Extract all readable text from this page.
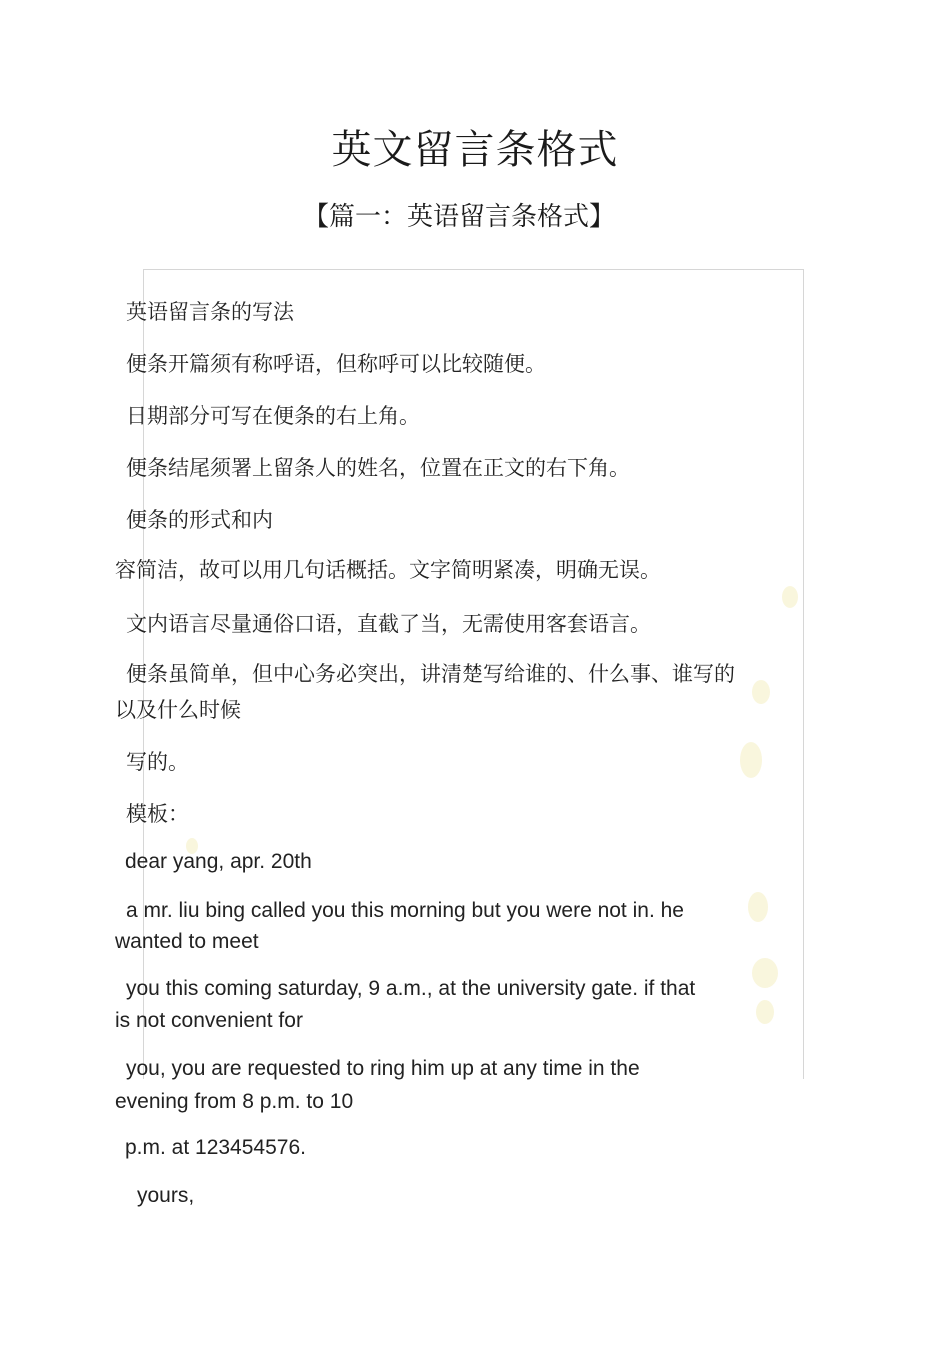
英文留言条格式
【篇一：英语留言条格式】
英语留言条的写法
便条开篇须有称呼语，但称呼可以比较随便。
日期部分可写在便条的右上角。
便条结尾须署上留条人的姓名，位置在正文的右下角。
便条的形式和内
容简洁，故可以用几句话概括。文字简明紧凑，明确无误。
文内语言尽量通俗口语，直截了当，无需使用客套语言。
便条虽简单，但中心务必突出，讲清楚写给谁的、什么事、谁写的
以及什么时候
写的。
模板：
dear yang, apr. 20th
a mr. liu bing called you this morning but you were not in. he
wanted to meet
you this coming saturday, 9 a.m., at the university gate. if that
is not convenient for
you, you are requested to ring him up at any time in the
evening from 8 p.m. to 10
p.m. at 123454576.
yours,
